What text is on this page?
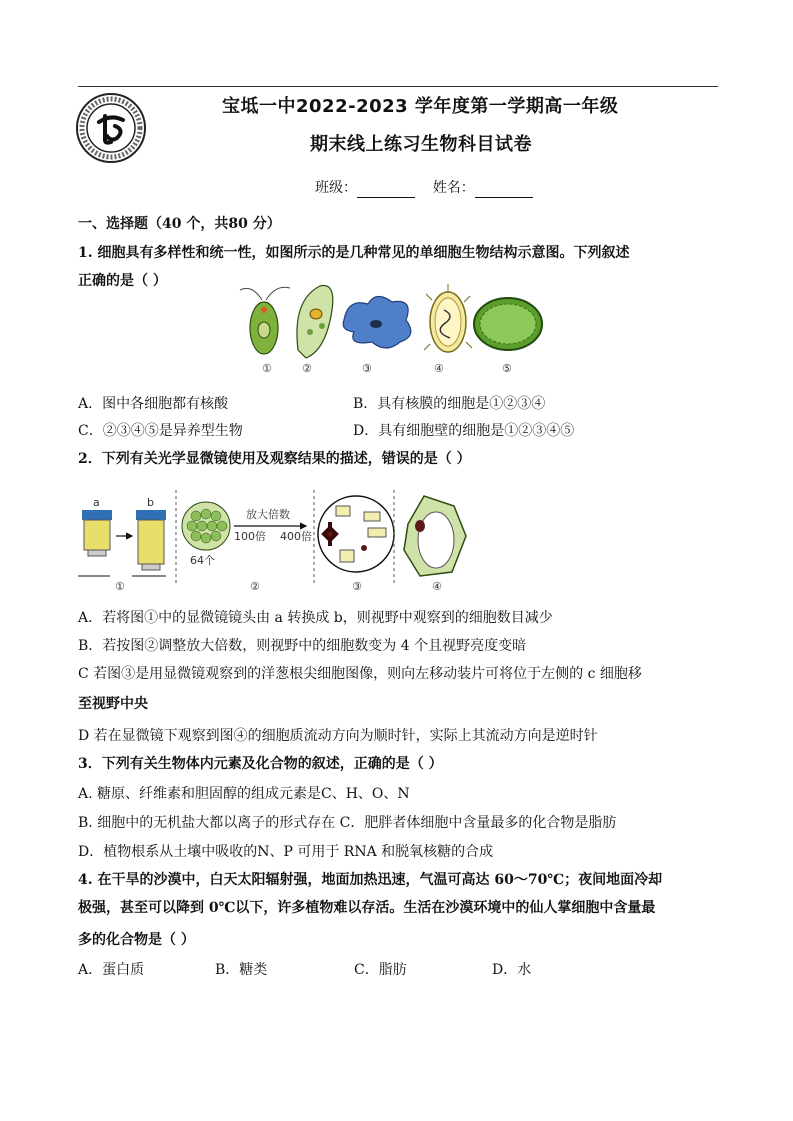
宝坻一中2022-2023 学年度第一学期高一年级
期末线上练习生物科目试卷
班级：	姓名：
一、选择题（40 个，共80 分）
1. 细胞具有多样性和统一性，如图所示的是几种常见的单细胞生物结构示意图。下列叙述
正确的是（ ）
①	②	③	④	⑤
A．图中各细胞都有核酸	B．具有核膜的细胞是①②③④
C．②③④⑤是异养型生物	D．具有细胞壁的细胞是①②③④⑤
2．下列有关光学显微镜使用及观察结果的描述，错误的是（ ）
a	b
64个
放大倍数
100倍 400倍
①	②	③	④
A．若将图①中的显微镜镜头由 a 转换成 b，则视野中观察到的细胞数目减少
B．若按图②调整放大倍数，则视野中的细胞数变为 4 个且视野亮度变暗
C 若图③是用显微镜观察到的洋葱根尖细胞图像，则向左移动装片可将位于左侧的 c 细胞移
至视野中央
D 若在显微镜下观察到图④的细胞质流动方向为顺时针，实际上其流动方向是逆时针
3．下列有关生物体内元素及化合物的叙述，正确的是（ ）
A. 糖原、纤维素和胆固醇的组成元素是C、H、O、N
B. 细胞中的无机盐大都以离子的形式存在 C．肥胖者体细胞中含量最多的化合物是脂肪
D．植物根系从土壤中吸收的N、P 可用于 RNA 和脱氧核糖的合成
4. 在干旱的沙漠中，白天太阳辐射强，地面加热迅速，气温可高达 60～70℃；夜间地面冷却
极强，甚至可以降到 0℃以下，许多植物难以存活。生活在沙漠环境中的仙人掌细胞中含量最
多的化合物是（ ）
A．蛋白质	B．糖类	C．脂肪	D．水
